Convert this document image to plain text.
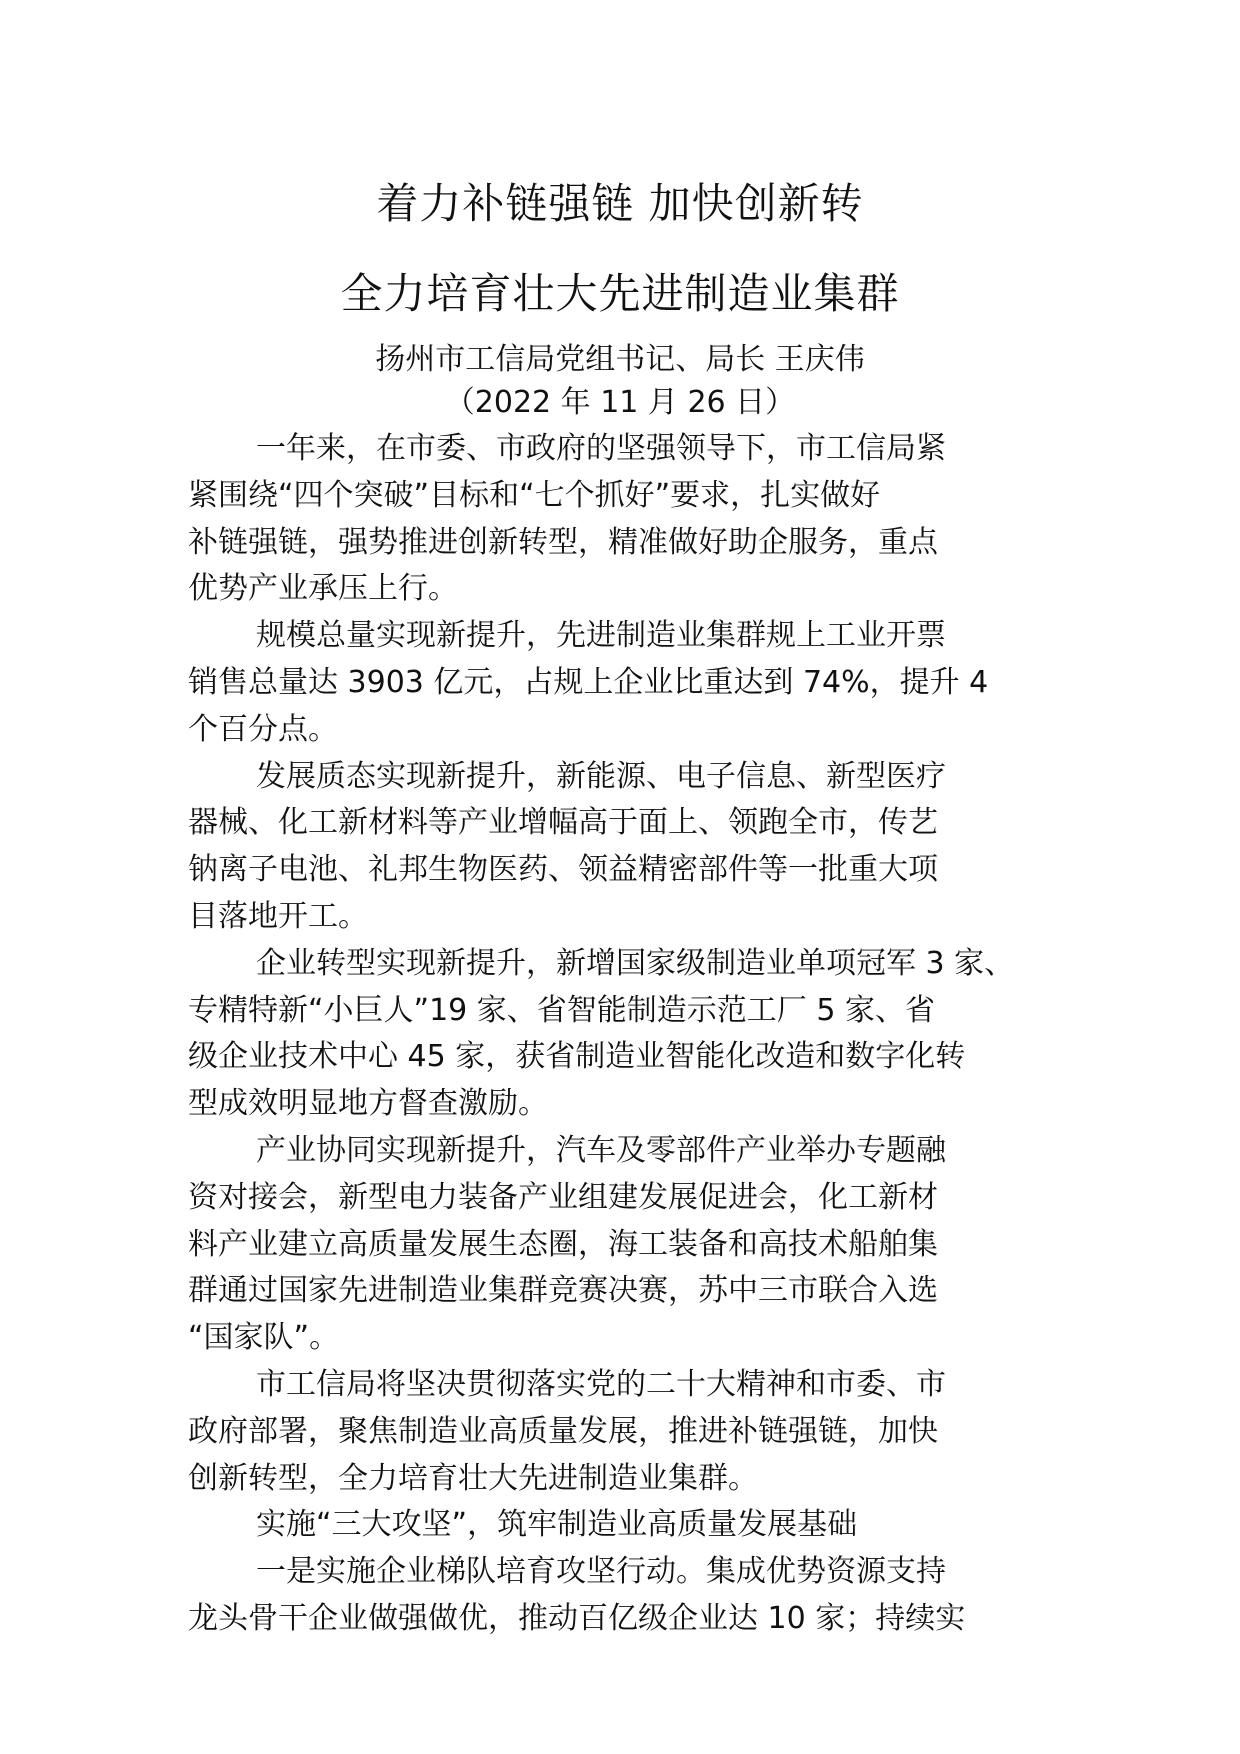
着力补链强链 加快创新转
全力培育壮大先进制造业集群
扬州市工信局党组书记、局长 王庆伟
（2022 年 11 月 26 日）
一年来，在市委、市政府的坚强领导下，市工信局紧
紧围绕“四个突破”目标和“七个抓好”要求，扎实做好
补链强链，强势推进创新转型，精准做好助企服务，重点
优势产业承压上行。
规模总量实现新提升，先进制造业集群规上工业开票
销售总量达 3903 亿元，占规上企业比重达到 74%，提升 4
个百分点。
发展质态实现新提升，新能源、电子信息、新型医疗
器械、化工新材料等产业增幅高于面上、领跑全市，传艺
钠离子电池、礼邦生物医药、领益精密部件等一批重大项
目落地开工。
企业转型实现新提升，新增国家级制造业单项冠军 3 家、
专精特新“小巨人”19 家、省智能制造示范工厂 5 家、省
级企业技术中心 45 家，获省制造业智能化改造和数字化转
型成效明显地方督查激励。
产业协同实现新提升，汽车及零部件产业举办专题融
资对接会，新型电力装备产业组建发展促进会，化工新材
料产业建立高质量发展生态圈，海工装备和高技术船舶集
群通过国家先进制造业集群竞赛决赛，苏中三市联合入选
“国家队”。
市工信局将坚决贯彻落实党的二十大精神和市委、市
政府部署，聚焦制造业高质量发展，推进补链强链，加快
创新转型，全力培育壮大先进制造业集群。
实施“三大攻坚”，筑牢制造业高质量发展基础
一是实施企业梯队培育攻坚行动。集成优势资源支持
龙头骨干企业做强做优，推动百亿级企业达 10 家；持续实
